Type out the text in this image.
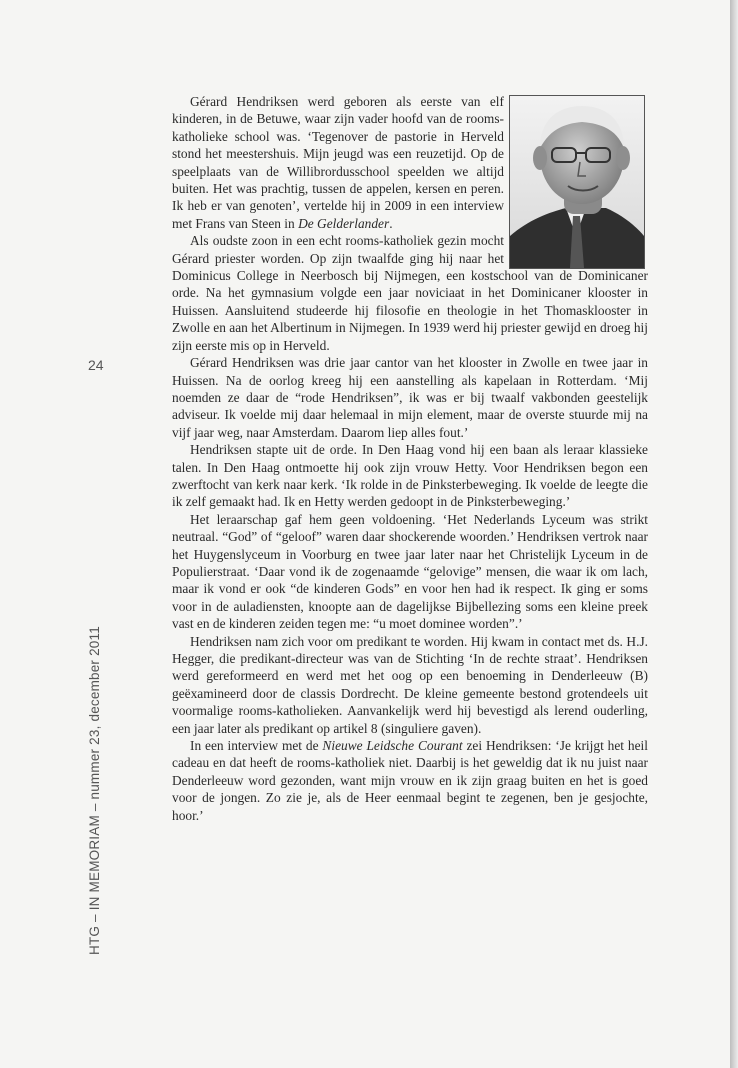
24
HTG – IN MEMORIAM – nummer 23, december 2011

Gérard Hendriksen werd geboren als eerste van elf kinderen, in de Betuwe, waar zijn vader hoofd van de rooms-katholieke school was. ‘Tegenover de pastorie in Herveld stond het meestershuis. Mijn jeugd was een reuzetijd. Op de speelplaats van de Willibrordusschool speelden we altijd buiten. Het was prachtig, tussen de appelen, kersen en peren. Ik heb er van genoten’, vertelde hij in 2009 in een interview met Frans van Steen in De Gelderlander.

Als oudste zoon in een echt rooms-katholiek gezin mocht Gérard priester worden. Op zijn twaalfde ging hij naar het Dominicus College in Neerbosch bij Nijmegen, een kostschool van de Dominicaner orde. Na het gymnasium volgde een jaar noviciaat in het Dominicaner klooster in Huissen. Aansluitend studeerde hij filosofie en theologie in het Thomasklooster in Zwolle en aan het Albertinum in Nijmegen. In 1939 werd hij priester gewijd en droeg hij zijn eerste mis op in Herveld.

Gérard Hendriksen was drie jaar cantor van het klooster in Zwolle en twee jaar in Huissen. Na de oorlog kreeg hij een aanstelling als kapelaan in Rotterdam. ‘Mij noemden ze daar de “rode Hendriksen”, ik was er bij twaalf vakbonden geestelijk adviseur. Ik voelde mij daar helemaal in mijn element, maar de overste stuurde mij na vijf jaar weg, naar Amsterdam. Daarom liep alles fout.’

Hendriksen stapte uit de orde. In Den Haag vond hij een baan als leraar klassieke talen. In Den Haag ontmoette hij ook zijn vrouw Hetty. Voor Hendriksen begon een zwerftocht van kerk naar kerk. ‘Ik rolde in de Pinksterbeweging. Ik voelde de leegte die ik zelf gemaakt had. Ik en Hetty werden gedoopt in de Pinksterbeweging.’

Het leraarschap gaf hem geen voldoening. ‘Het Nederlands Lyceum was strikt neutraal. “God” of “geloof” waren daar shockerende woorden.’ Hendriksen vertrok naar het Huygenslyceum in Voorburg en twee jaar later naar het Christelijk Lyceum in de Populierstraat. ‘Daar vond ik de zogenaamde “gelovige” mensen, die waar ik om lach, maar ik vond er ook “de kinderen Gods” en voor hen had ik respect. Ik ging er soms voor in de auladiensten, knoopte aan de dagelijkse Bijbellezing soms een kleine preek vast en de kinderen zeiden tegen me: “u moet dominee worden”.’

Hendriksen nam zich voor om predikant te worden. Hij kwam in contact met ds. H.J. Hegger, die predikant-directeur was van de Stichting ‘In de rechte straat’. Hendriksen werd gereformeerd en werd met het oog op een benoeming in Denderleeuw (B) geëxamineerd door de classis Dordrecht. De kleine gemeente bestond grotendeels uit voormalige rooms-katholieken. Aanvankelijk werd hij bevestigd als lerend ouderling, een jaar later als predikant op artikel 8 (singuliere gaven).

In een interview met de Nieuwe Leidsche Courant zei Hendriksen: ‘Je krijgt het heil cadeau en dat heeft de rooms-katholiek niet. Daarbij is het geweldig dat ik nu juist naar Denderleeuw word gezonden, want mijn vrouw en ik zijn graag buiten en het is goed voor de jongen. Zo zie je, als de Heer eenmaal begint te zegenen, ben je gesjochte, hoor.’
